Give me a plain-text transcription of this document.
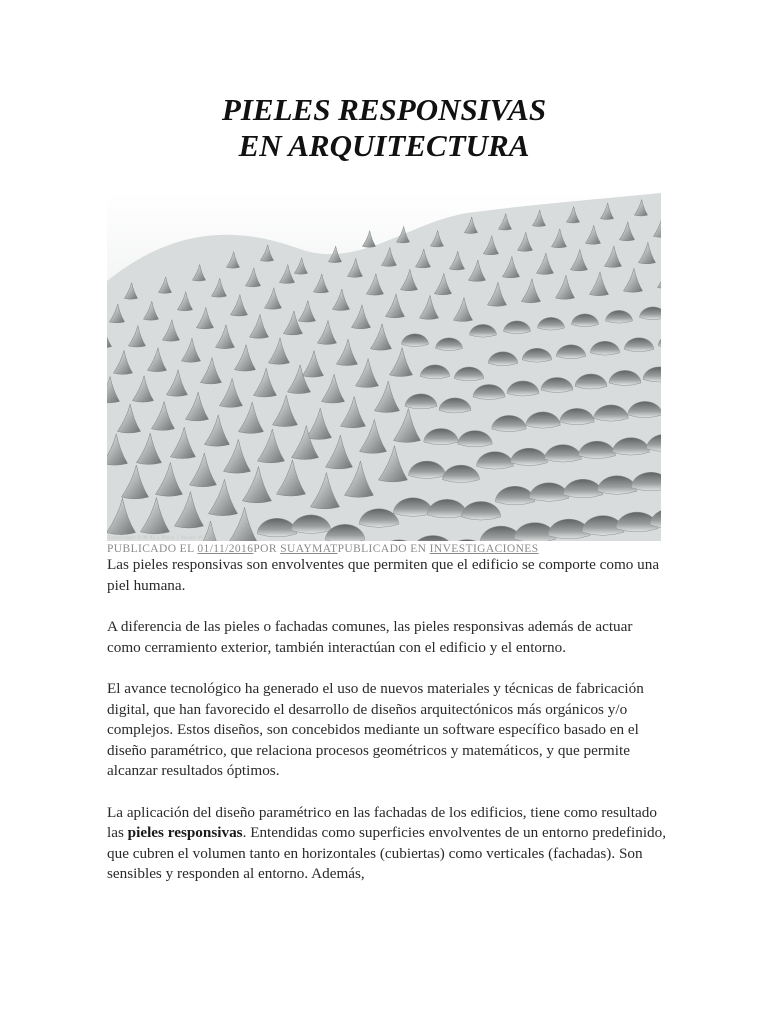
PIELES RESPONSIVAS
EN ARQUITECTURA
Grasshopper 0.99 R3 | Rhino | Render V5.3
PUBLICADO EL 01/11/2016POR SUAYMATPUBLICADO EN INVESTIGACIONES

Las pieles responsivas son envolventes que permiten que el edificio se comporte como una piel humana.

A diferencia de las pieles o fachadas comunes, las pieles responsivas además de actuar como cerramiento exterior, también interactúan con el edificio y el entorno.

El avance tecnológico ha generado el uso de nuevos materiales y técnicas de fabricación digital, que han favorecido el desarrollo de diseños arquitectónicos más orgánicos y/o complejos. Estos diseños, son concebidos mediante un software específico basado en el diseño paramétrico, que relaciona procesos geométricos y matemáticos, y que permite alcanzar resultados óptimos.

La aplicación del diseño paramétrico en las fachadas de los edificios, tiene como resultado las pieles responsivas. Entendidas como superficies envolventes de un entorno predefinido, que cubren el volumen tanto en horizontales (cubiertas) como verticales (fachadas). Son sensibles y responden al entorno. Además,
